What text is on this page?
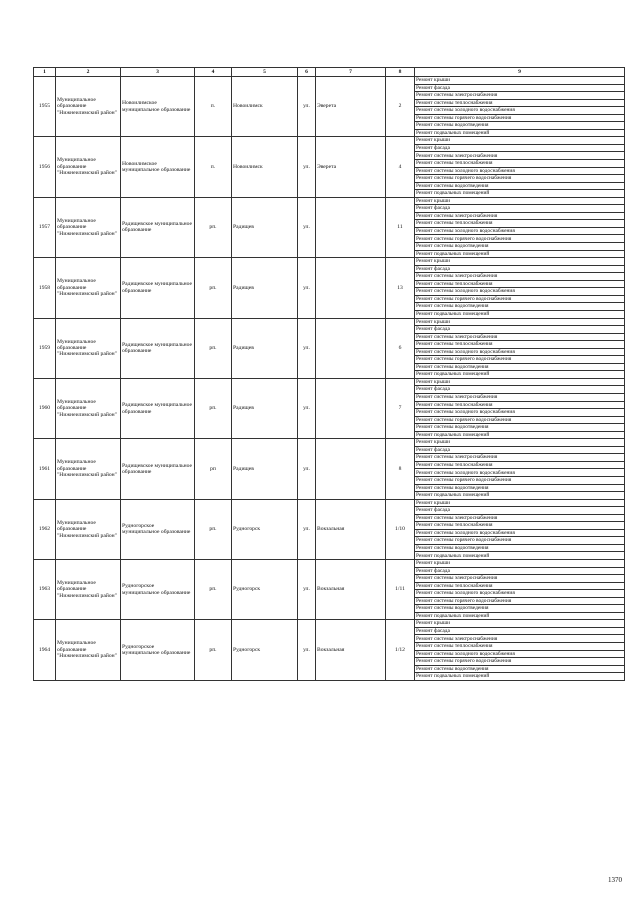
1	2	3	4	5	6	7	8	9
1955	Муниципальное образование "Нижнеилимский район"	Новоилимское муниципальное образование	п.	Новоилимск	ул.	Эверета	2	Ремонт крыши
								Ремонт фасада
								Ремонт системы электроснабжения
								Ремонт системы теплоснабжения
								Ремонт системы холодного водоснабжения
								Ремонт системы горячего водоснабжения
								Ремонт системы водоотведения
								Ремонт подвальных помещений
1956	Муниципальное образование "Нижнеилимский район"	Новоилимское муниципальное образование	п.	Новоилимск	ул.	Эверета	4	Ремонт крыши
								Ремонт фасада
								Ремонт системы электроснабжения
								Ремонт системы теплоснабжения
								Ремонт системы холодного водоснабжения
								Ремонт системы горячего водоснабжения
								Ремонт системы водоотведения
								Ремонт подвальных помещений
1957	Муниципальное образование "Нижнеилимский район"	Радищевское муниципальное образование	рп.	Радищев	ул.		11	Ремонт крыши
								Ремонт фасада
								Ремонт системы электроснабжения
								Ремонт системы теплоснабжения
								Ремонт системы холодного водоснабжения
								Ремонт системы горячего водоснабжения
								Ремонт системы водоотведения
								Ремонт подвальных помещений
1958	Муниципальное образование "Нижнеилимский район"	Радищевское муниципальное образование	рп.	Радищев	ул.		13	Ремонт крыши
								Ремонт фасада
								Ремонт системы электроснабжения
								Ремонт системы теплоснабжения
								Ремонт системы холодного водоснабжения
								Ремонт системы горячего водоснабжения
								Ремонт системы водоотведения
								Ремонт подвальных помещений
1959	Муниципальное образование "Нижнеилимский район"	Радищевское муниципальное образование	рп.	Радищев	ул.		6	Ремонт крыши
								Ремонт фасада
								Ремонт системы электроснабжения
								Ремонт системы теплоснабжения
								Ремонт системы холодного водоснабжения
								Ремонт системы горячего водоснабжения
								Ремонт системы водоотведения
								Ремонт подвальных помещений
1960	Муниципальное образование "Нижнеилимский район"	Радищевское муниципальное образование	рп.	Радищев	ул.		7	Ремонт крыши
								Ремонт фасада
								Ремонт системы электроснабжения
								Ремонт системы теплоснабжения
								Ремонт системы холодного водоснабжения
								Ремонт системы горячего водоснабжения
								Ремонт системы водоотведения
								Ремонт подвальных помещений
1961	Муниципальное образование "Нижнеилимский район"	Радищевское муниципальное образование	рп	Радищев	ул.		8	Ремонт крыши
								Ремонт фасада
								Ремонт системы электроснабжения
								Ремонт системы теплоснабжения
								Ремонт системы холодного водоснабжения
								Ремонт системы горячего водоснабжения
								Ремонт системы водоотведения
								Ремонт подвальных помещений
1962	Муниципальное образование "Нижнеилимский район"	Рудногорское муниципальное образование	рп.	Рудногорск	ул.	Вокзальная	1/10	Ремонт крыши
								Ремонт фасада
								Ремонт системы электроснабжения
								Ремонт системы теплоснабжения
								Ремонт системы холодного водоснабжения
								Ремонт системы горячего водоснабжения
								Ремонт системы водоотведения
								Ремонт подвальных помещений
1963	Муниципальное образование "Нижнеилимский район"	Рудногорское муниципальное образование	рп.	Рудногорск	ул.	Вокзальная	1/11	Ремонт крыши
								Ремонт фасада
								Ремонт системы электроснабжения
								Ремонт системы теплоснабжения
								Ремонт системы холодного водоснабжения
								Ремонт системы горячего водоснабжения
								Ремонт системы водоотведения
								Ремонт подвальных помещений
1964	Муниципальное образование "Нижнеилимский район"	Рудногорское муниципальное образование	рп.	Рудногорск	ул.	Вокзальная	1/12	Ремонт крыши
								Ремонт фасада
								Ремонт системы электроснабжения
								Ремонт системы теплоснабжения
								Ремонт системы холодного водоснабжения
								Ремонт системы горячего водоснабжения
								Ремонт системы водоотведения
								Ремонт подвальных помещений
1370
